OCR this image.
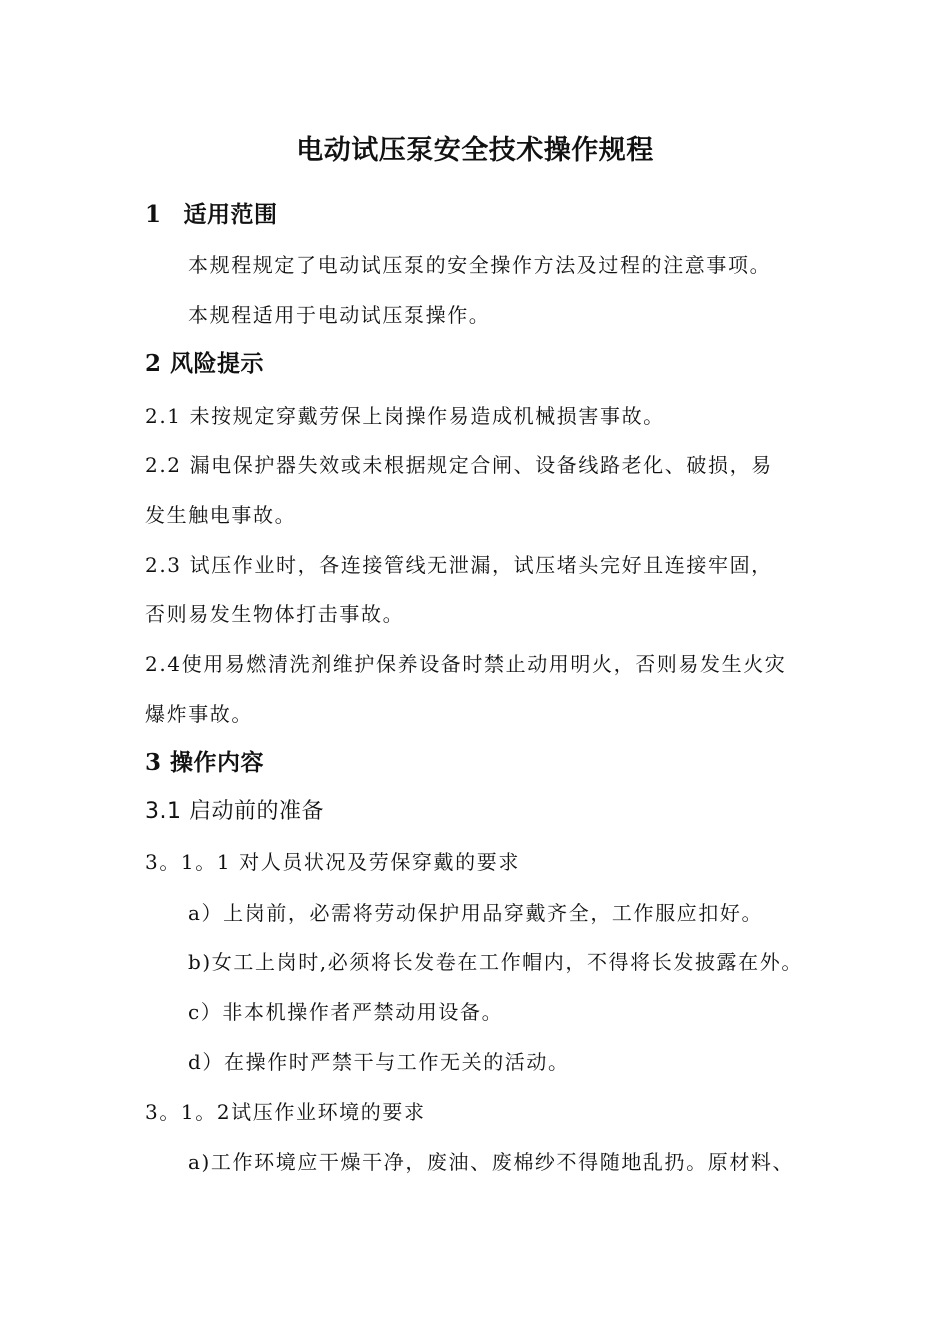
电动试压泵安全技术操作规程
1 适用范围
本规程规定了电动试压泵的安全操作方法及过程的注意事项。
本规程适用于电动试压泵操作。
2 风险提示
2.1 未按规定穿戴劳保上岗操作易造成机械损害事故。
2.2 漏电保护器失效或未根据规定合闸、设备线路老化、破损，易
发生触电事故。
2.3 试压作业时，各连接管线无泄漏，试压堵头完好且连接牢固，
否则易发生物体打击事故。
2.4使用易燃清洗剂维护保养设备时禁止动用明火，否则易发生火灾
爆炸事故。
3 操作内容
3.1 启动前的准备
3。1。1 对人员状况及劳保穿戴的要求
a）上岗前，必需将劳动保护用品穿戴齐全，工作服应扣好。
b)女工上岗时,必须将长发卷在工作帽内，不得将长发披露在外。
c）非本机操作者严禁动用设备。
d）在操作时严禁干与工作无关的活动。
3。1。2试压作业环境的要求
a)工作环境应干燥干净，废油、废棉纱不得随地乱扔。原材料、
